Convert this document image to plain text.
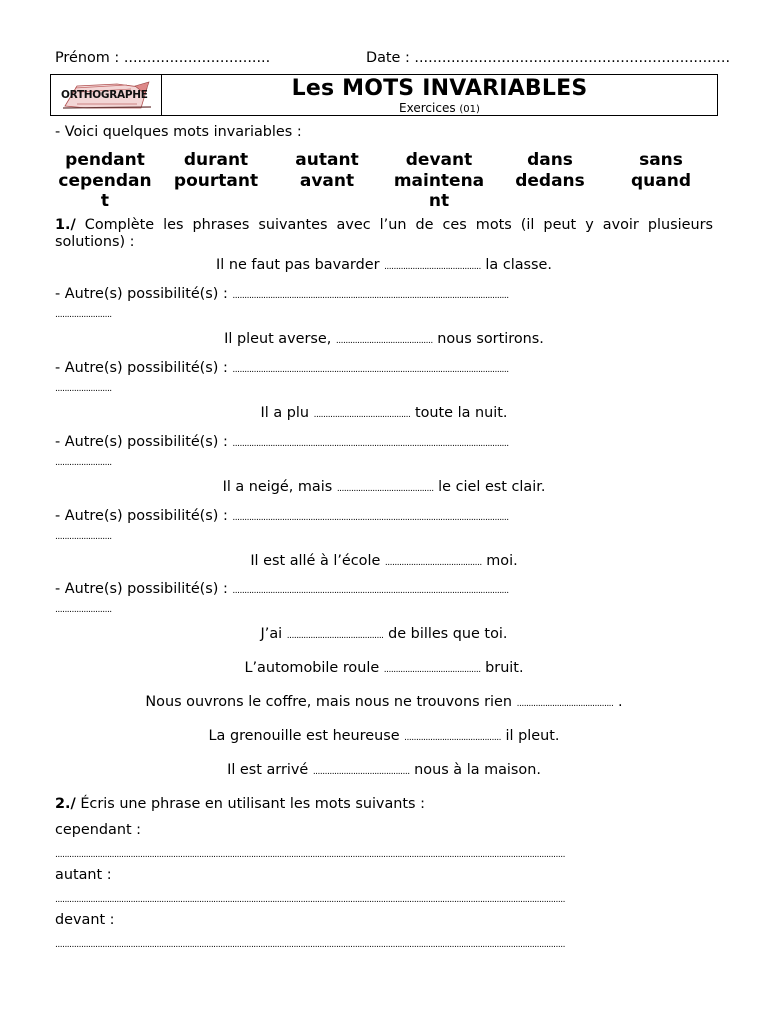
Prénom : ................................	Date : .....................................................................
ORTHOGRAPHE	Les MOTS INVARIABLES
Exercices (01)
- Voici quelques mots invariables :
pendant
cependan
t
durant
pourtant
autant
avant
devant
maintena
nt
dans
dedans
sans
quand
1./ Complète les phrases suivantes avec l’un de ces mots (il peut y avoir plusieurs solutions) :
Il ne faut pas bavarder ......................................... la classe.
- Autre(s) possibilité(s) : .....................................................................................................................
........................
Il pleut averse, ......................................... nous sortirons.
- Autre(s) possibilité(s) : .....................................................................................................................
........................
Il a plu ......................................... toute la nuit.
- Autre(s) possibilité(s) : .....................................................................................................................
........................
Il a neigé, mais ......................................... le ciel est clair.
- Autre(s) possibilité(s) : .....................................................................................................................
........................
Il est allé à l’école ......................................... moi.
- Autre(s) possibilité(s) : .....................................................................................................................
........................
J’ai ......................................... de billes que toi.
L’automobile roule ......................................... bruit.
Nous ouvrons le coffre, mais nous ne trouvons rien ......................................... .
La grenouille est heureuse ......................................... il pleut.
Il est arrivé ......................................... nous à la maison.
2./ Écris une phrase en utilisant les mots suivants :
cependant :
........................................................................................................................................................................................................................
autant :
........................................................................................................................................................................................................................
devant :
........................................................................................................................................................................................................................
